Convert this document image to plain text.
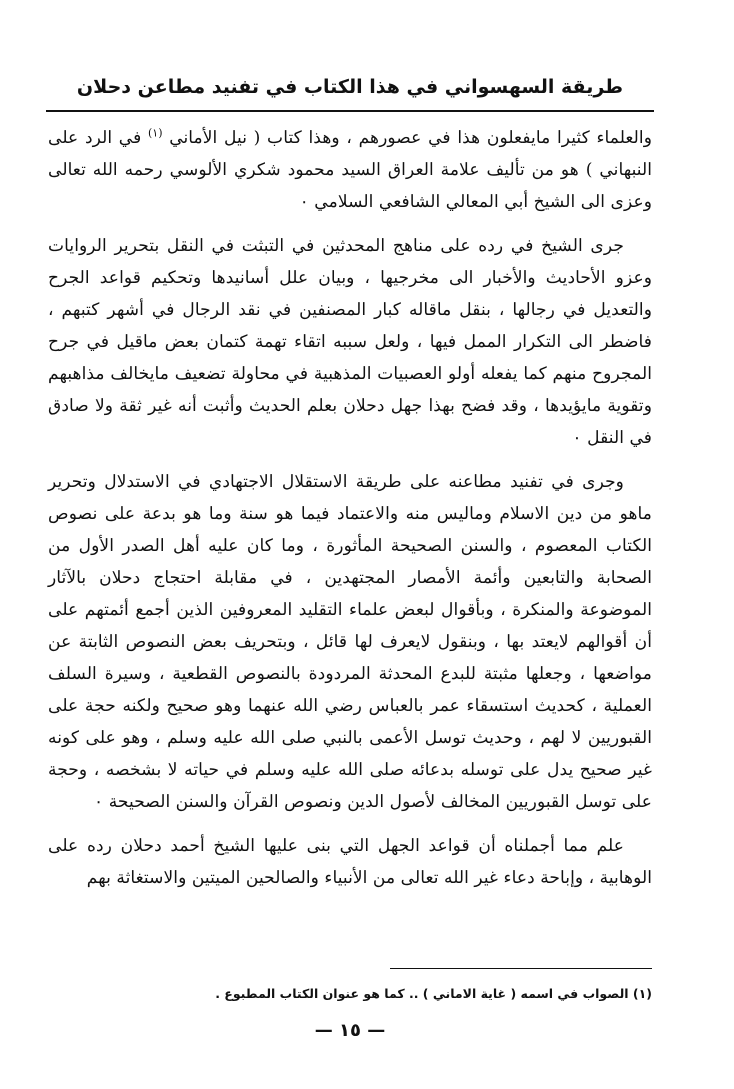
طريقة السهسواني في هذا الكتاب في تفنيد مطاعن دحلان

والعلماء كثيرا مايفعلون هذا في عصورهم ، وهذا كتاب ( نيل الأماني $^{(١)}$ في الرد على النبهاني ) هو من تأليف علامة العراق السيد محمود شكري الألوسي رحمه الله تعالى وعزى الى الشيخ أبي المعالي الشافعي السلامي ٠

جرى الشيخ في رده على مناهج المحدثين في التبثت في النقل بتحرير الروايات وعزو الأحاديث والأخبار الى مخرجيها ، وبيان علل أسانيدها وتحكيم قواعد الجرح والتعديل في رجالها ، بنقل ماقاله كبار المصنفين في نقد الرجال في أشهر كتبهم ، فاضطر الى التكرار الممل فيها ، ولعل سببه اتقاء تهمة كتمان بعض ماقيل في جرح المجروح منهم كما يفعله أولو العصبيات المذهبية في محاولة تضعيف مايخالف مذاهبهم وتقوية مايؤيدها ، وقد فضح بهذا جهل دحلان بعلم الحديث وأثبت أنه غير ثقة ولا صادق في النقل ٠

وجرى في تفنيد مطاعنه على طريقة الاستقلال الاجتهادي في الاستدلال وتحرير ماهو من دين الاسلام وماليس منه والاعتماد فيما هو سنة وما هو بدعة على نصوص الكتاب المعصوم ، والسنن الصحيحة المأثورة ، وما كان عليه أهل الصدر الأول من الصحابة والتابعين وأئمة الأمصار المجتهدين ، في مقابلة احتجاج دحلان بالآثار الموضوعة والمنكرة ، وبأقوال لبعض علماء التقليد المعروفين الذين أجمع أئمتهم على أن أقوالهم لايعتد بها ، وبنقول لايعرف لها قائل ، وبتحريف بعض النصوص الثابتة عن مواضعها ، وجعلها مثبتة للبدع المحدثة المردودة بالنصوص القطعية ، وسيرة السلف العملية ، كحديث استسقاء عمر بالعباس رضي الله عنهما وهو صحيح ولكنه حجة على القبوريين لا لهم ، وحديث توسل الأعمى بالنبي صلى الله عليه وسلم ، وهو على كونه غير صحيح يدل على توسله بدعائه صلى الله عليه وسلم في حياته لا بشخصه ، وحجة على توسل القبوريين المخالف لأصول الدين ونصوص القرآن والسنن الصحيحة ٠

علم مما أجملناه أن قواعد الجهل التي بنى عليها الشيخ أحمد دحلان رده على الوهابية ، وإباحة دعاء غير الله تعالى من الأنبياء والصالحين الميتين والاستغاثة بهم

(١) الصواب في اسمه ( غاية الاماني ) .. كما هو عنوان الكتاب المطبوع .
— ١٥ —
